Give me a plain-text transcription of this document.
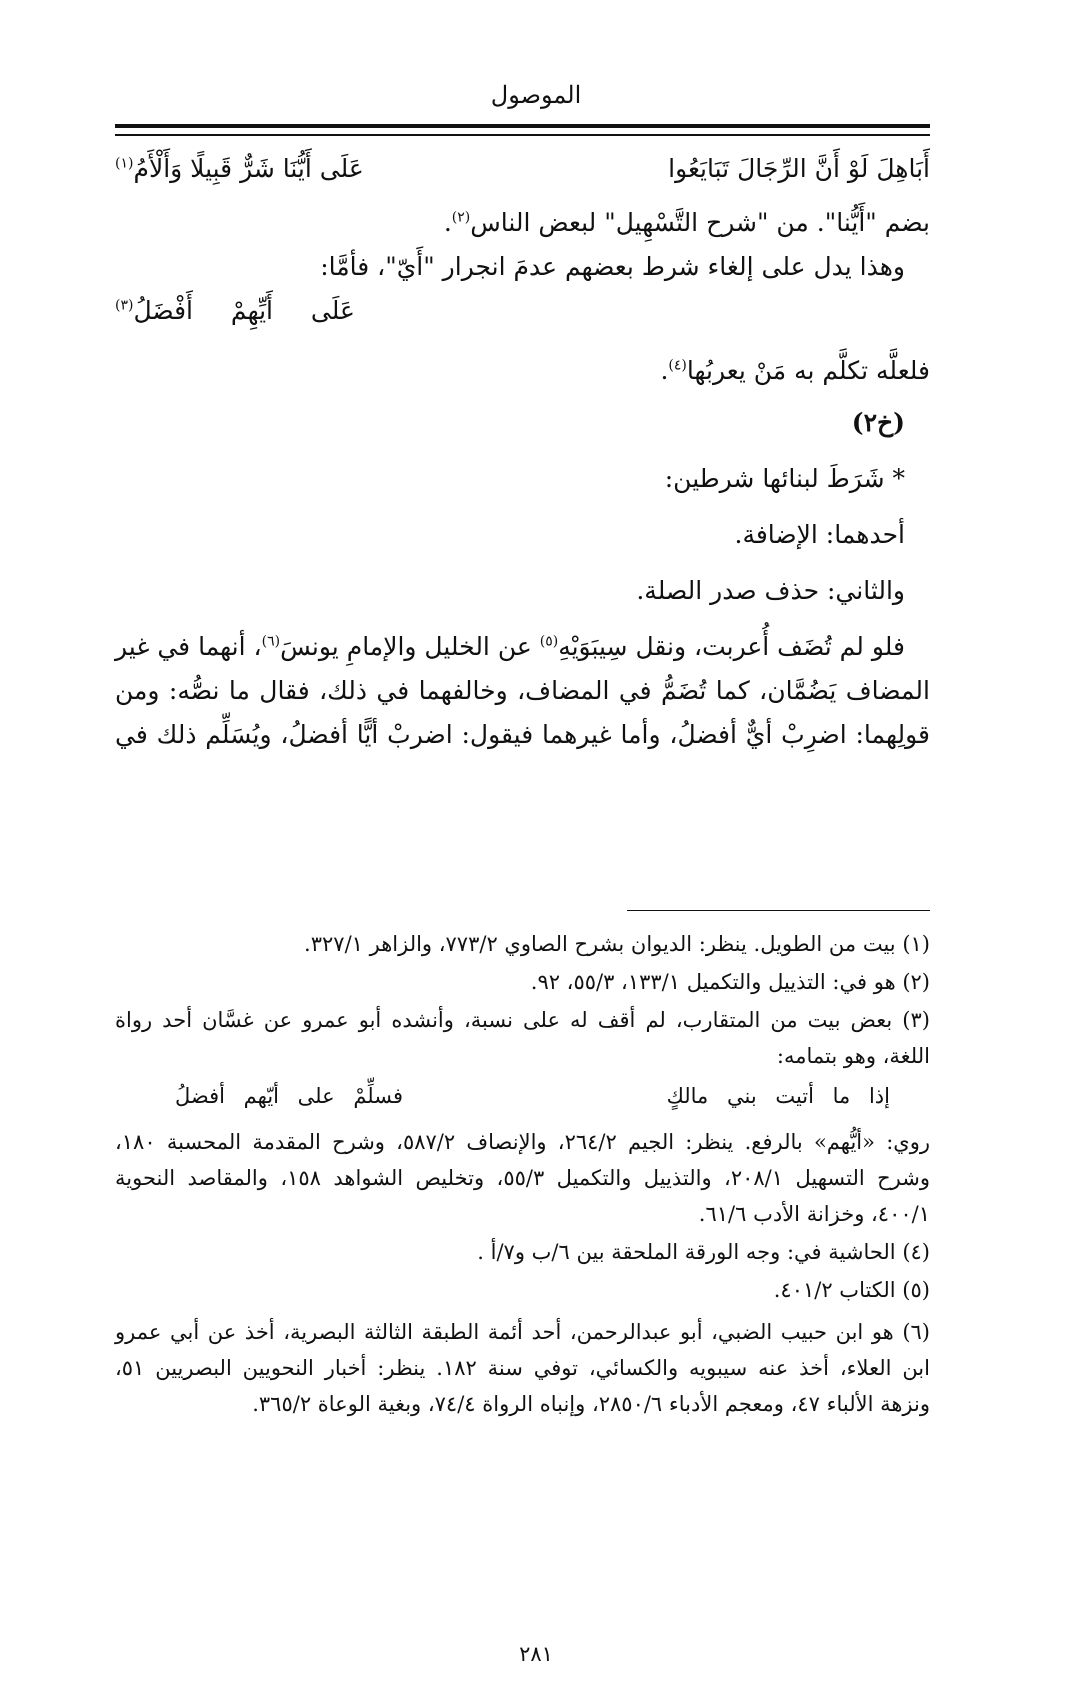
الموصول
أَبَاهِلَ لَوْ أَنَّ الرِّجَالَ تَبَايَعُوا
عَلَى أَيُّنَا شَرٌّ قَبِيلًا وَأَلْأَمُ$^{(١)}$
بضم "أَيُّنا". من "شرح التَّسْهِيل" لبعض الناس$^{(٢)}$.
وهذا يدل على إلغاء شرط بعضهم عدمَ انجرار "أَيّ"، فأمَّا:
عَلَى أَيِّهِمْ أَفْضَلُ$^{(٣)}$
فلعلَّه تكلَّم به مَنْ يعربُها$^{(٤)}$.
(خ٢)
* شَرَطَ لبنائها شرطين:
أحدهما: الإضافة.
والثاني: حذف صدر الصلة.
فلو لم تُضَف أُعربت، ونقل سِيبَوَيْهِ$^{(٥)}$ عن الخليل والإمامِ يونسَ$^{(٦)}$، أنهما في غير
المضاف يَضُمَّان، كما تُضَمُّ في المضاف، وخالفهما في ذلك، فقال ما نصُّه: ومن
قولِهما: اضرِبْ أيٌّ أفضلُ، وأما غيرهما فيقول: اضربْ أيًّا أفضلُ، ويُسَلِّم ذلك في
(١) بيت من الطويل. ينظر: الديوان بشرح الصاوي ٧٧٣/٢، والزاهر ٣٢٧/١.
(٢) هو في: التذييل والتكميل ١٣٣/١، ٥٥/٣، ٩٢.
(٣) بعض بيت من المتقارب، لم أقف له على نسبة، وأنشده أبو عمرو عن غسَّان أحد رواة
اللغة، وهو بتمامه:
إذا ما أتيت بني مالكٍ
فسلِّمْ على أيّهم أفضلُ
روي: «أيُّهم» بالرفع. ينظر: الجيم ٢٦٤/٢، والإنصاف ٥٨٧/٢، وشرح المقدمة المحسبة ١٨٠،
وشرح التسهيل ٢٠٨/١، والتذييل والتكميل ٥٥/٣، وتخليص الشواهد ١٥٨، والمقاصد النحوية
٤٠٠/١، وخزانة الأدب ٦١/٦.
(٤) الحاشية في: وجه الورقة الملحقة بين ٦/ب و٧/أ .
(٥) الكتاب ٤٠١/٢.
(٦) هو ابن حبيب الضبي، أبو عبدالرحمن، أحد أئمة الطبقة الثالثة البصرية، أخذ عن أبي عمرو
ابن العلاء، أخذ عنه سيبويه والكسائي، توفي سنة ١٨٢. ينظر: أخبار النحويين البصريين ٥١،
ونزهة الألباء ٤٧، ومعجم الأدباء ٢٨٥٠/٦، وإنباه الرواة ٧٤/٤، وبغية الوعاة ٣٦٥/٢.
٢٨١
